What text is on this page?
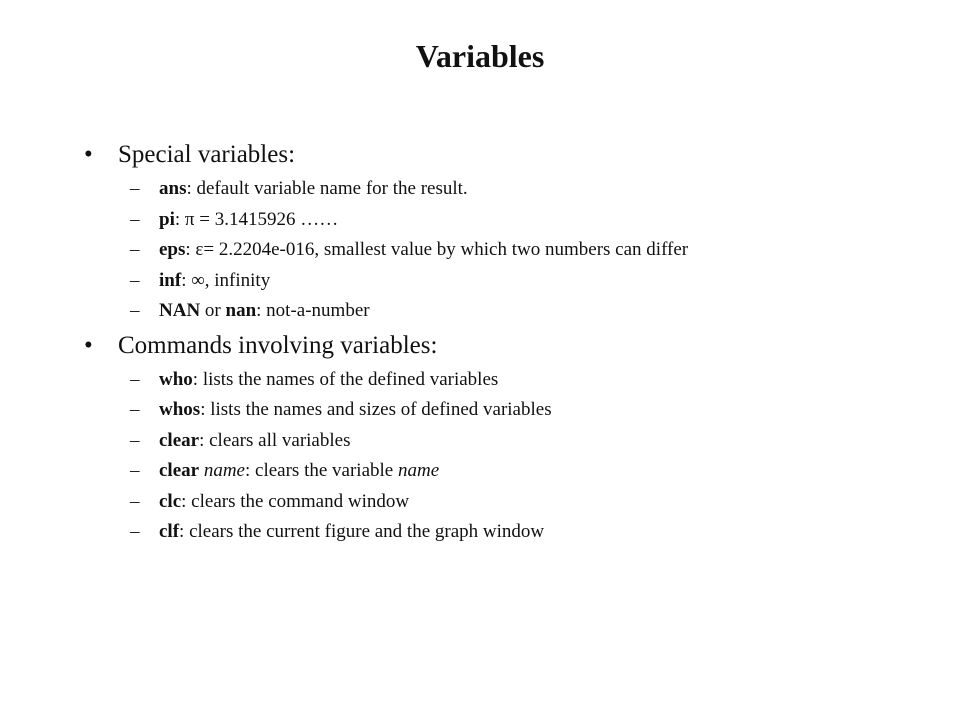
Variables
• Special variables:
– ans: default variable name for the result.
– pi: π = 3.1415926 ……
– eps: ε= 2.2204e-016, smallest value by which two numbers can differ
– inf: ∞, infinity
– NAN or nan: not-a-number
• Commands involving variables:
– who: lists the names of the defined variables
– whos: lists the names and sizes of defined variables
– clear: clears all variables
– clear name: clears the variable name
– clc: clears the command window
– clf: clears the current figure and the graph window
